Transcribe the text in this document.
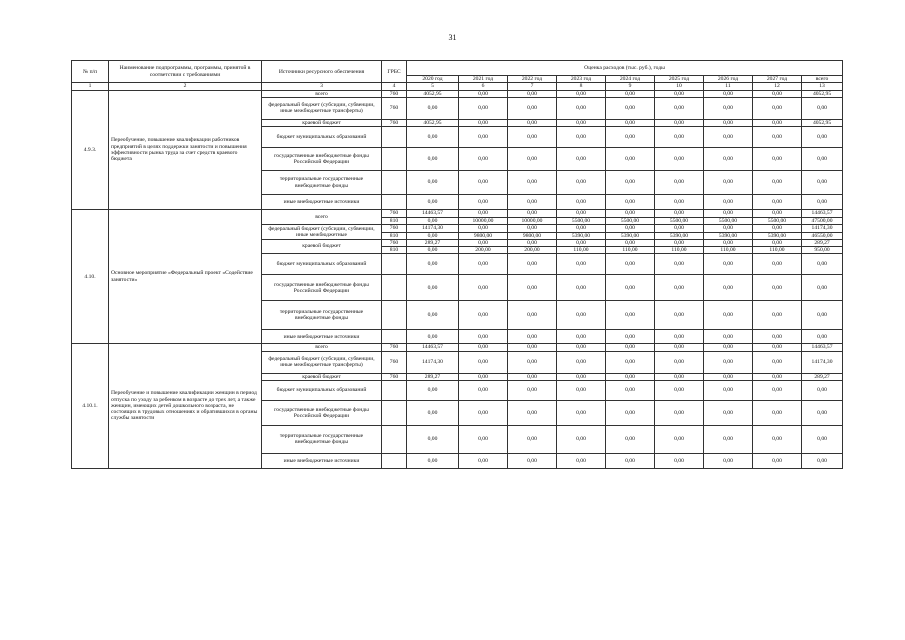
31
№ п/п	Наименование подпрограммы, программы, принятой в соответствии с требованиями	Источники ресурсного обеспечения	ГРБС	Оценка расходов (тыс. руб.), годы								
				2020 год	2021 год	2022 год	2023 год	2024 год	2025 год	2026 год	2027 год	всего
1	2	3	4	5	6	7	8	9	10	11	12	13
4.9.3.	Переобучение, повышение квалификации работников предприятий в целях поддержки занятости и повышения эффективности рынка труда за счет средств краевого бюджета	всего	760	4052,95	0,00	0,00	0,00	0,00	0,00	0,00	0,00	4052,95
		федеральный бюджет (субсидии, субвенции, иные межбюджетные трансферты)	760	0,00	0,00	0,00	0,00	0,00	0,00	0,00	0,00	0,00
		краевой бюджет	760	4052,95	0,00	0,00	0,00	0,00	0,00	0,00	0,00	4052,95
		бюджет муниципальных образований		0,00	0,00	0,00	0,00	0,00	0,00	0,00	0,00	0,00
		государственные внебюджетные фонды Российской Федерации		0,00	0,00	0,00	0,00	0,00	0,00	0,00	0,00	0,00
		территориальные государственные внебюджетные фонды		0,00	0,00	0,00	0,00	0,00	0,00	0,00	0,00	0,00
		иные внебюджетные источники		0,00	0,00	0,00	0,00	0,00	0,00	0,00	0,00	0,00
4.10.	Основное мероприятие «Федеральный проект «Содействие занятости»	всего	760	14463,57	0,00	0,00	0,00	0,00	0,00	0,00	0,00	14463,57
			810	0,00	10000,00	10000,00	5500,00	5500,00	5500,00	5500,00	5500,00	47500,00
		федеральный бюджет (субсидии, субвенции, иные межбюджетные	760	14174,30	0,00	0,00	0,00	0,00	0,00	0,00	0,00	14174,30
			810	0,00	9800,00	9800,00	5390,00	5390,00	5390,00	5390,00	5390,00	46550,00
		краевой бюджет	760	289,27	0,00	0,00	0,00	0,00	0,00	0,00	0,00	289,27
			810	0,00	200,00	200,00	110,00	110,00	110,00	110,00	110,00	950,00
		бюджет муниципальных образований		0,00	0,00	0,00	0,00	0,00	0,00	0,00	0,00	0,00
		государственные внебюджетные фонды Российской Федерации		0,00	0,00	0,00	0,00	0,00	0,00	0,00	0,00	0,00
		территориальные государственные внебюджетные фонды		0,00	0,00	0,00	0,00	0,00	0,00	0,00	0,00	0,00
		иные внебюджетные источники		0,00	0,00	0,00	0,00	0,00	0,00	0,00	0,00	0,00
4.10.1.	Переобучение и повышение квалификации женщин в период отпуска по уходу за ребенком в возрасте до трех лет, а также женщин, имеющих детей дошкольного возраста, не состоящих в трудовых отношениях и обратившихся в органы службы занятости	всего	760	14463,57	0,00	0,00	0,00	0,00	0,00	0,00	0,00	14463,57
		федеральный бюджет (субсидии, субвенции, иные межбюджетные трансферты)	760	14174,30	0,00	0,00	0,00	0,00	0,00	0,00	0,00	14174,30
		краевой бюджет	760	289,27	0,00	0,00	0,00	0,00	0,00	0,00	0,00	289,27
		бюджет муниципальных образований		0,00	0,00	0,00	0,00	0,00	0,00	0,00	0,00	0,00
		государственные внебюджетные фонды Российской Федерации		0,00	0,00	0,00	0,00	0,00	0,00	0,00	0,00	0,00
		территориальные государственные внебюджетные фонды		0,00	0,00	0,00	0,00	0,00	0,00	0,00	0,00	0,00
		иные внебюджетные источники		0,00	0,00	0,00	0,00	0,00	0,00	0,00	0,00	0,00
